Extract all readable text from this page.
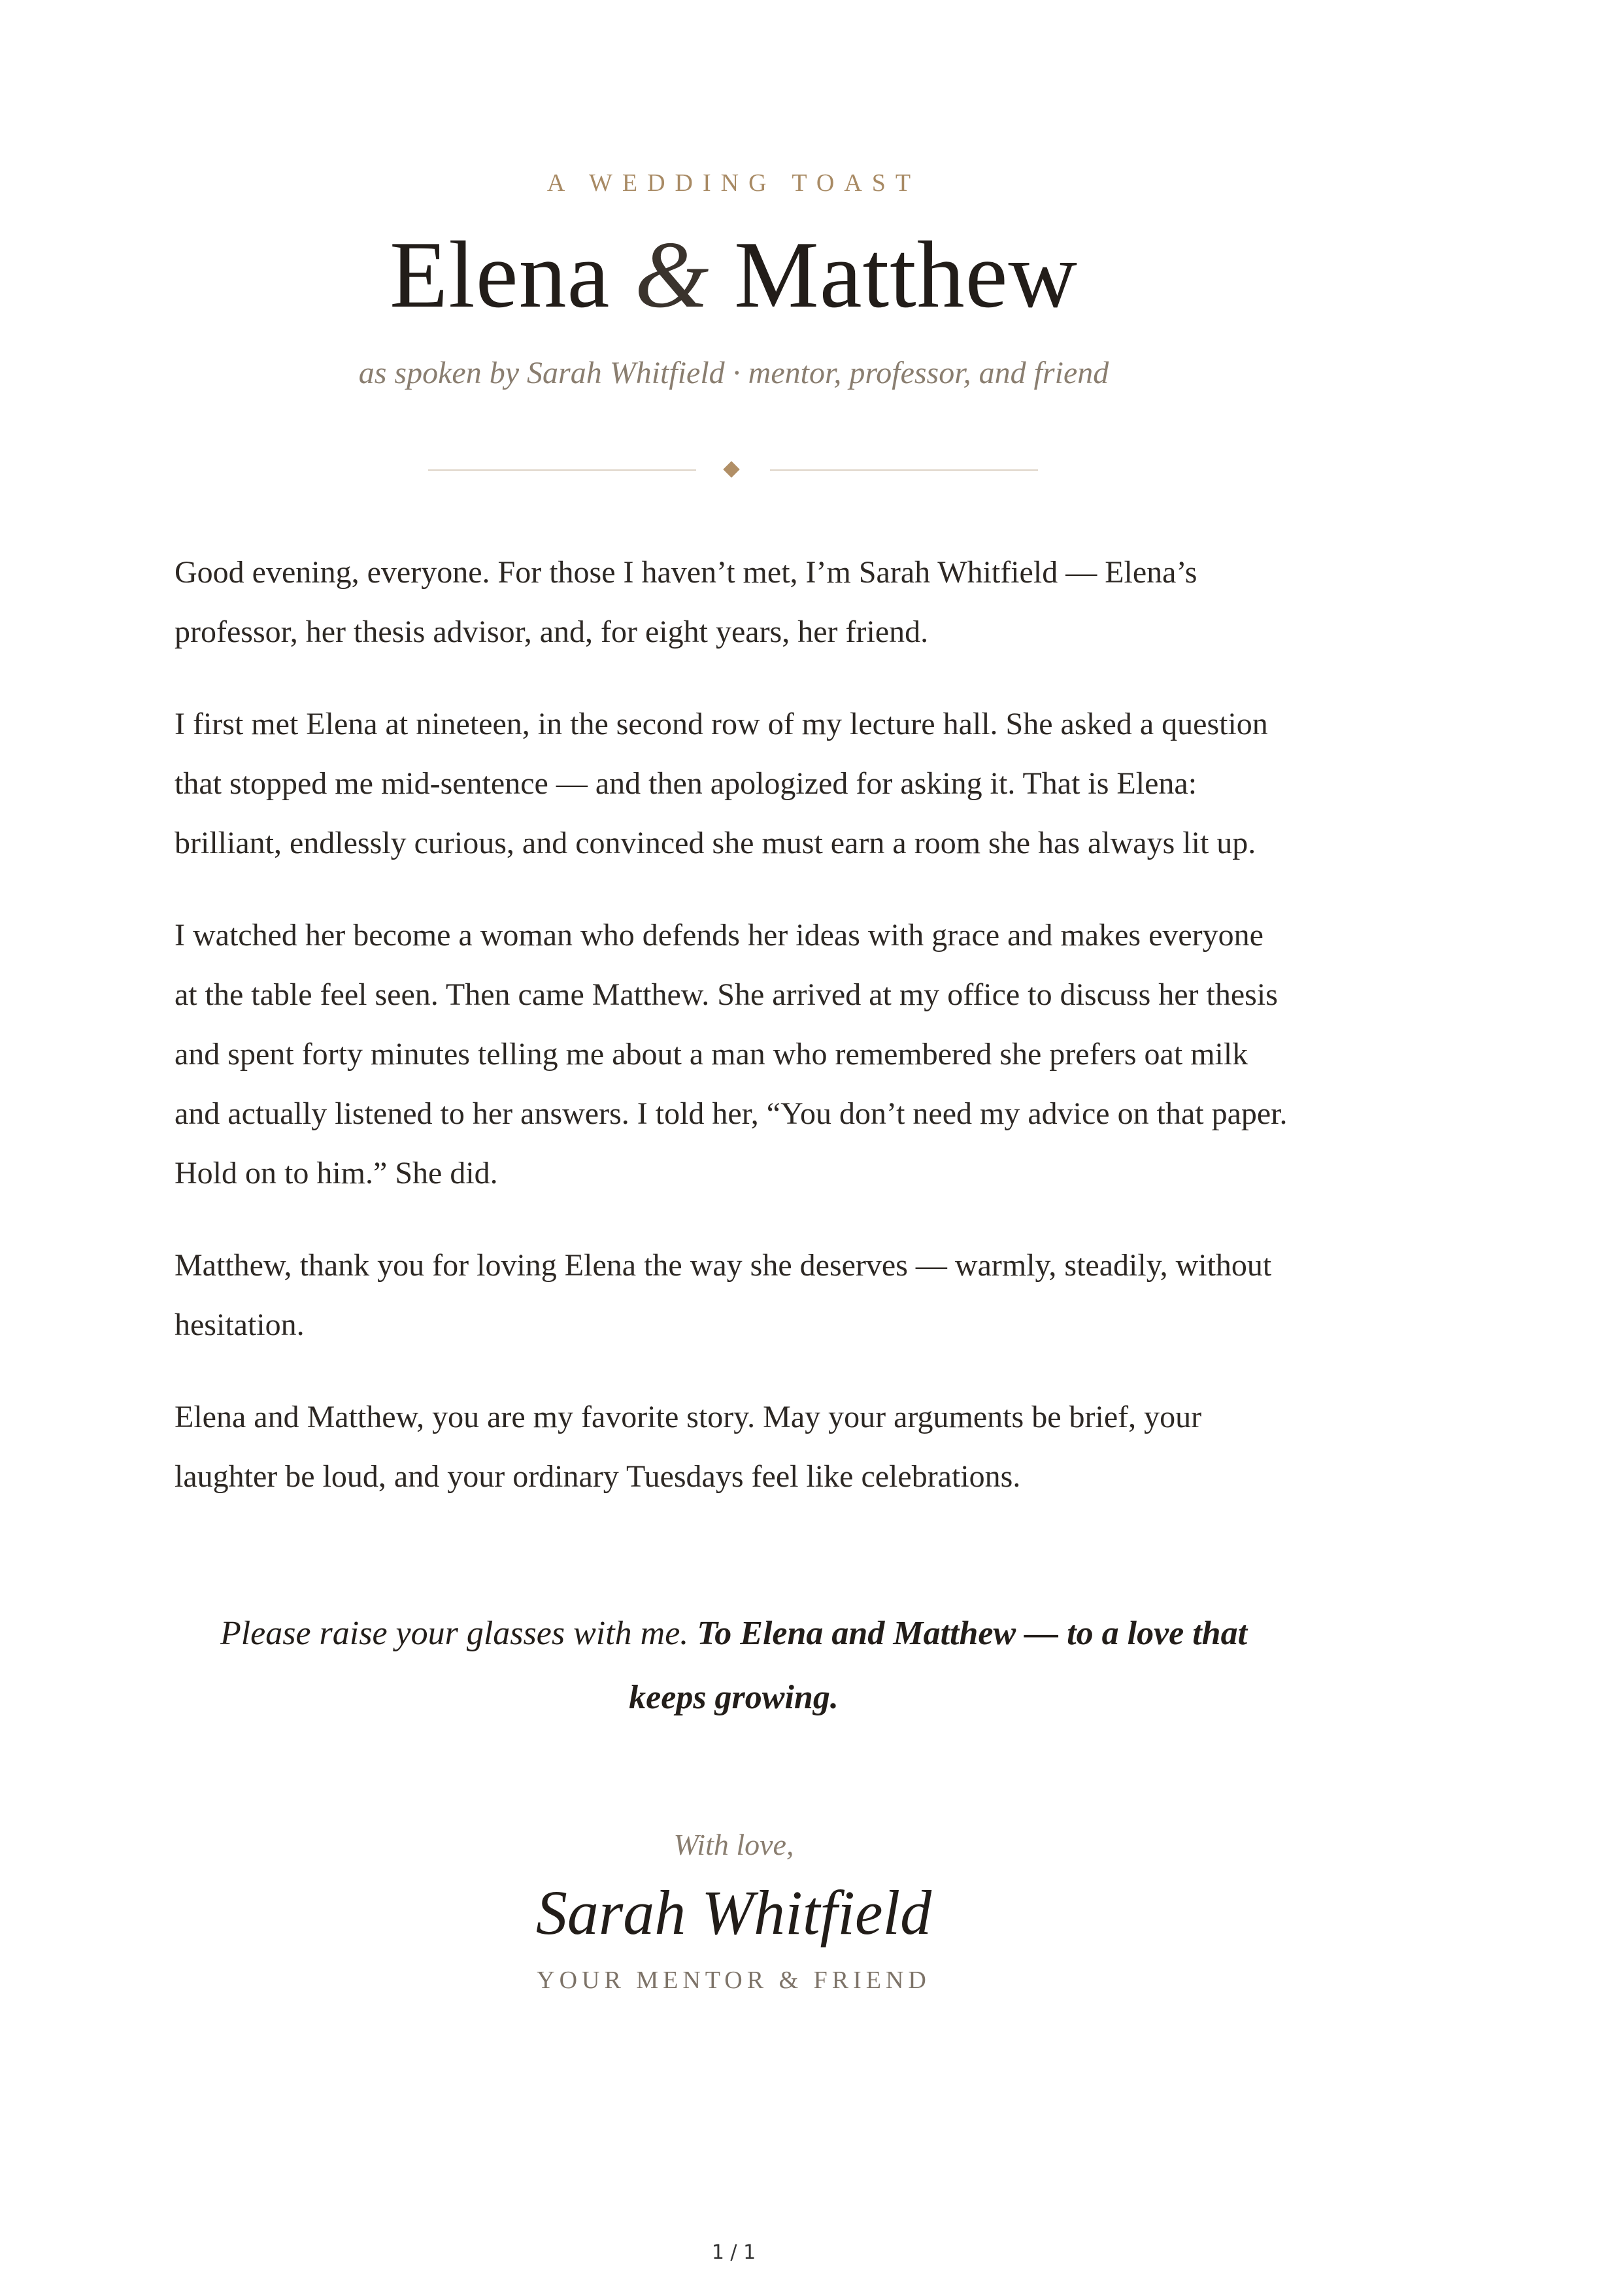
A WEDDING TOAST
Elena & Matthew
as spoken by Sarah Whitfield · mentor, professor, and friend

Good evening, everyone. For those I haven’t met, I’m Sarah Whitfield — Elena’s professor, her thesis advisor, and, for eight years, her friend.

I first met Elena at nineteen, in the second row of my lecture hall. She asked a question that stopped me mid-sentence — and then apologized for asking it. That is Elena: brilliant, endlessly curious, and convinced she must earn a room she has always lit up.

I watched her become a woman who defends her ideas with grace and makes everyone at the table feel seen. Then came Matthew. She arrived at my office to discuss her thesis and spent forty minutes telling me about a man who remembered she prefers oat milk and actually listened to her answers. I told her, “You don’t need my advice on that paper. Hold on to him.” She did.

Matthew, thank you for loving Elena the way she deserves — warmly, steadily, without hesitation.

Elena and Matthew, you are my favorite story. May your arguments be brief, your laughter be loud, and your ordinary Tuesdays feel like celebrations.

Please raise your glasses with me. To Elena and Matthew — to a love that keeps growing.
With love,
Sarah Whitfield
YOUR MENTOR & FRIEND
1 / 1
